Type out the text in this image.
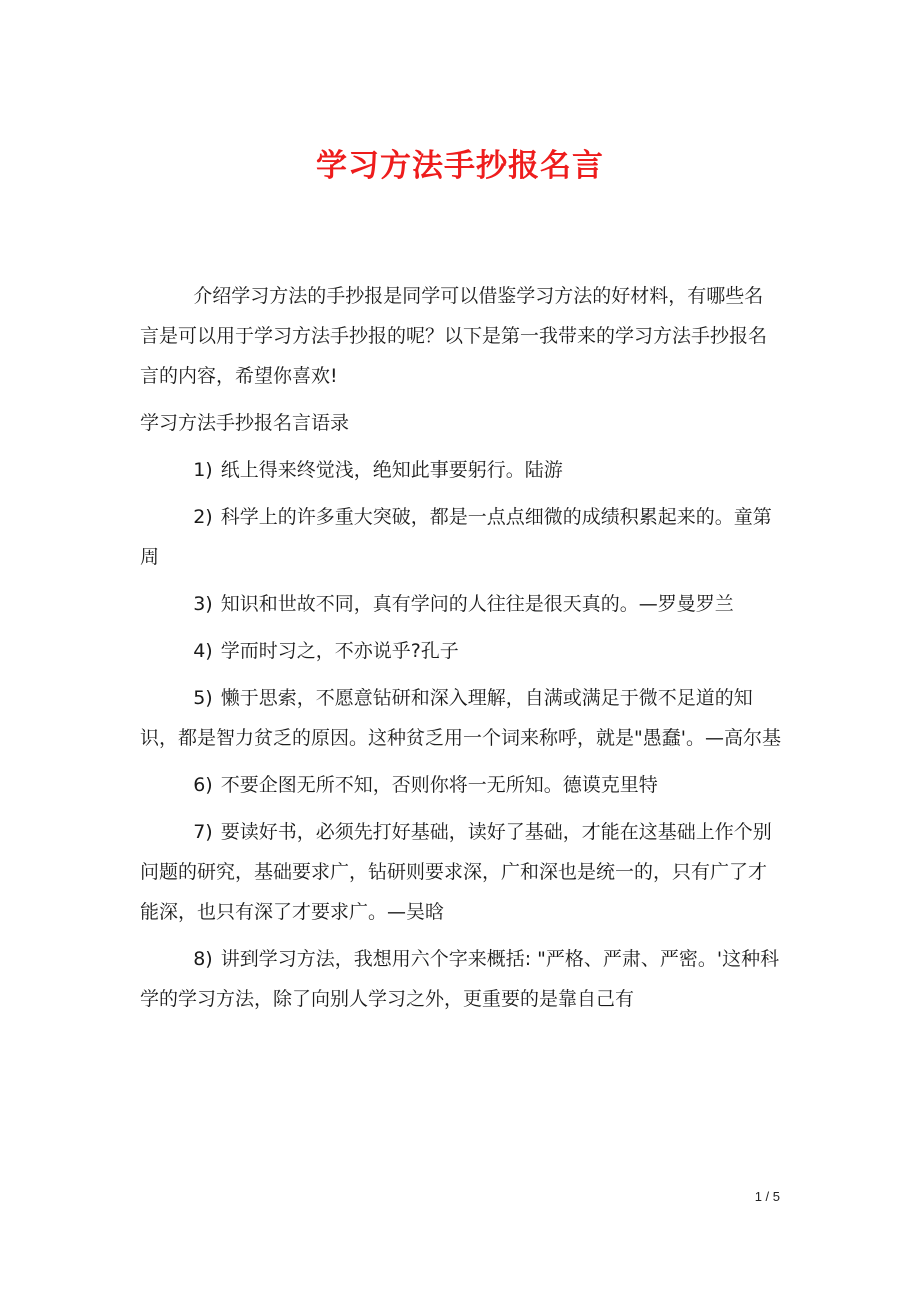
学习方法手抄报名言

介绍学习方法的手抄报是同学可以借鉴学习方法的好材料，有哪些名言是可以用于学习方法手抄报的呢？以下是第一我带来的学习方法手抄报名言的内容，希望你喜欢!

学习方法手抄报名言语录

1) 纸上得来终觉浅，绝知此事要躬行。陆游

2) 科学上的许多重大突破，都是一点点细微的成绩积累起来的。童第周

3) 知识和世故不同，真有学问的人往往是很天真的。—罗曼罗兰

4) 学而时习之，不亦说乎?孔子

5) 懒于思索，不愿意钻研和深入理解，自满或满足于微不足道的知识，都是智力贫乏的原因。这种贫乏用一个词来称呼，就是"愚蠢'。—高尔基

6) 不要企图无所不知，否则你将一无所知。德谟克里特

7) 要读好书，必须先打好基础，读好了基础，才能在这基础上作个别问题的研究，基础要求广，钻研则要求深，广和深也是统一的，只有广了才能深，也只有深了才要求广。—吴晗

8) 讲到学习方法，我想用六个字来概括: "严格、严肃、严密。'这种科学的学习方法，除了向别人学习之外，更重要的是靠自己有

1 / 5
